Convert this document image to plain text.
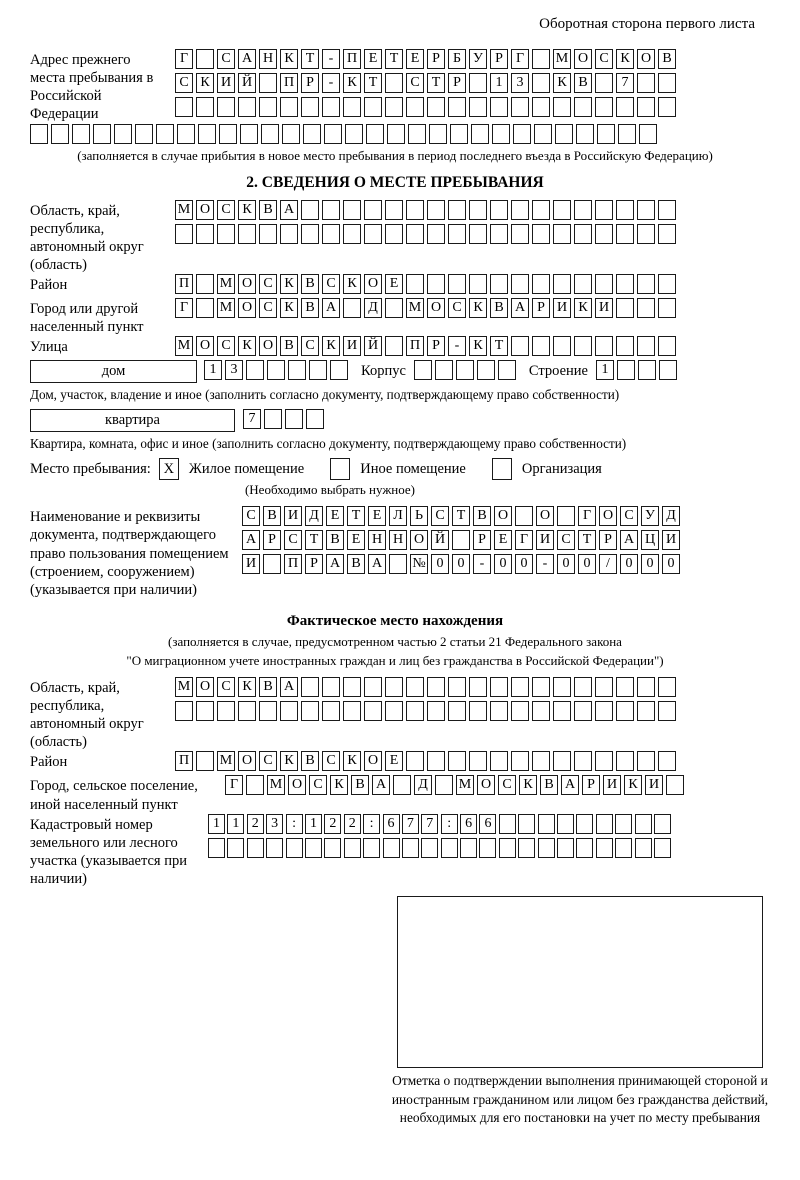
Оборотная сторона первого листа
Адрес прежнего места пребывания в Российской Федерации
Г	С А Н К Т	- П Е Т Е Р Б У Р Г	М О С К О В
С К И Й П Р	-	К Т	С Т Р	1	3	К В	7
(заполняется в случае прибытия в новое место пребывания в период последнего въезда в Российскую Федерацию)
2. СВЕДЕНИЯ О МЕСТЕ ПРЕБЫВАНИЯ
Область, край, республика, автономный округ (область)
М О С К В А
Район	П М О С К В С К О Е
Город или другой населенный пункт
Г	М О С К В А	Д	М О С К В А Р И К И
Улица	М О С К О В С К И Й П Р	-	К Т
дом	1	3	Корпус	Строение 1
Дом, участок, владение и иное (заполнить согласно документу, подтверждающему право собственности)
квартира	7
Квартира, комната, офис и иное (заполнить согласно документу, подтверждающему право собственности)
Место пребывания: X	Жилое помещение	Иное помещение	Организация
(Необходимо выбрать нужное)
Наименование и реквизиты документа, подтверждающего право пользования помещением (строением, сооружением) (указывается при наличии)
С В И Д Е Т Е Л Ь С Т В О О	Г О С У Д
А Р С Т В Е Н Н О Й	Р Е Г И С Т Р А Ц И
И П Р А В А № 0	0	-	0	0	-	0	0	/	0	0	0
Фактическое место нахождения
(заполняется в случае, предусмотренном частью 2 статьи 21 Федерального закона
"О миграционном учете иностранных граждан и лиц без гражданства в Российской Федерации")
Область, край, республика, автономный округ (область)
М О С К В А
Район	П М О С К В С К О Е
Город, сельское поселение, иной населенный пункт
Г	М О С К В А	Д	М О С К В А Р И К И
Кадастровый номер земельного или лесного участка (указывается при наличии)
1 1 2 3 : 1 2 2 : 6 7 7 : 6 6
Отметка о подтверждении выполнения принимающей стороной и иностранным гражданином или лицом без гражданства действий, необходимых для его постановки на учет по месту пребывания
